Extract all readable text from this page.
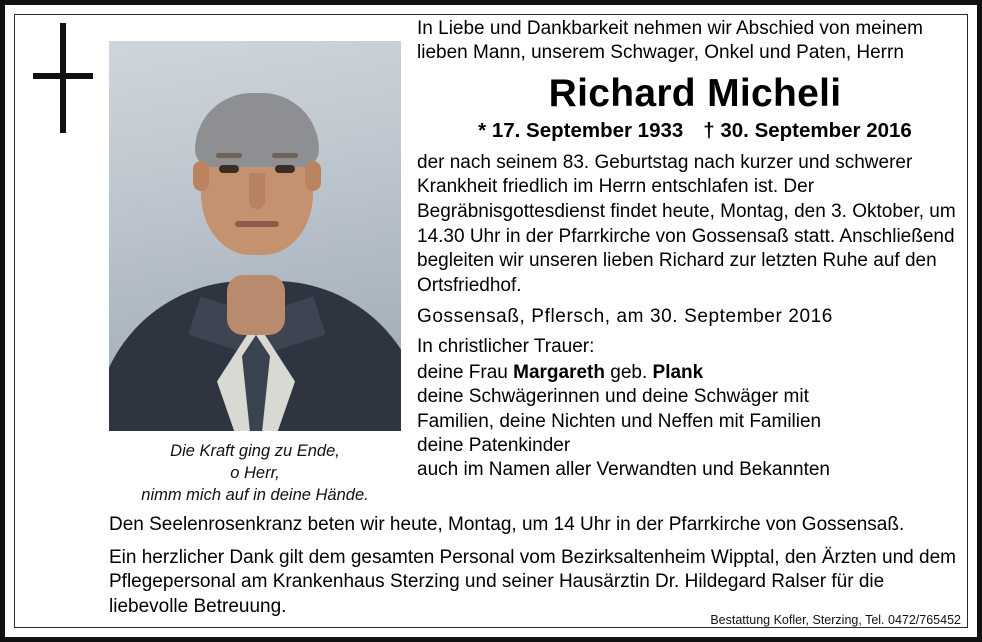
Die Kraft ging zu Ende,
o Herr,
nimm mich auf in deine Hände.

In Liebe und Dankbarkeit nehmen wir Abschied von meinem lieben Mann, unserem Schwager, Onkel und Paten, Herrn

Richard Micheli
* 17. September 1933 † 30. September 2016

der nach seinem 83. Geburtstag nach kurzer und schwerer Krankheit friedlich im Herrn entschlafen ist. Der Begräbnisgottesdienst findet heute, Montag, den 3. Oktober, um 14.30 Uhr in der Pfarrkirche von Gossensaß statt. Anschließend begleiten wir unseren lieben Richard zur letzten Ruhe auf den Ortsfriedhof.

Gossensaß, Pflersch, am 30. September 2016

In christlicher Trauer:

deine Frau Margareth geb. Plank

deine Schwägerinnen und deine Schwäger mit

Familien, deine Nichten und Neffen mit Familien

deine Patenkinder

auch im Namen aller Verwandten und Bekannten

Den Seelenrosenkranz beten wir heute, Montag, um 14 Uhr in der Pfarrkirche von Gossensaß.

Ein herzlicher Dank gilt dem gesamten Personal vom Bezirksaltenheim Wipptal, den Ärzten und dem Pflegepersonal am Krankenhaus Sterzing und seiner Hausärztin Dr. Hildegard Ralser für die liebevolle Betreuung.

Bestattung Kofler, Sterzing, Tel. 0472/765452
